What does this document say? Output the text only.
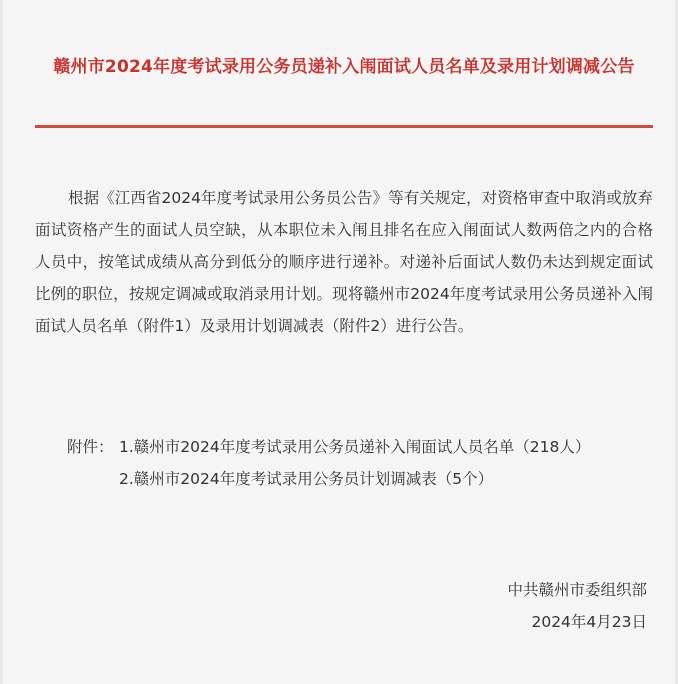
赣州市2024年度考试录用公务员递补入闱面试人员名单及录用计划调减公告

根据《江西省2024年度考试录用公务员公告》等有关规定，对资格审查中取消或放弃面试资格产生的面试人员空缺，从本职位未入闱且排名在应入闱面试人数两倍之内的合格人员中，按笔试成绩从高分到低分的顺序进行递补。对递补后面试人数仍未达到规定面试比例的职位，按规定调减或取消录用计划。现将赣州市2024年度考试录用公务员递补入闱面试人员名单（附件1）及录用计划调减表（附件2）进行公告。

附件： 1.赣州市2024年度考试录用公务员递补入闱面试人员名单（218人）
2.赣州市2024年度考试录用公务员计划调减表（5个）
中共赣州市委组织部
2024年4月23日
